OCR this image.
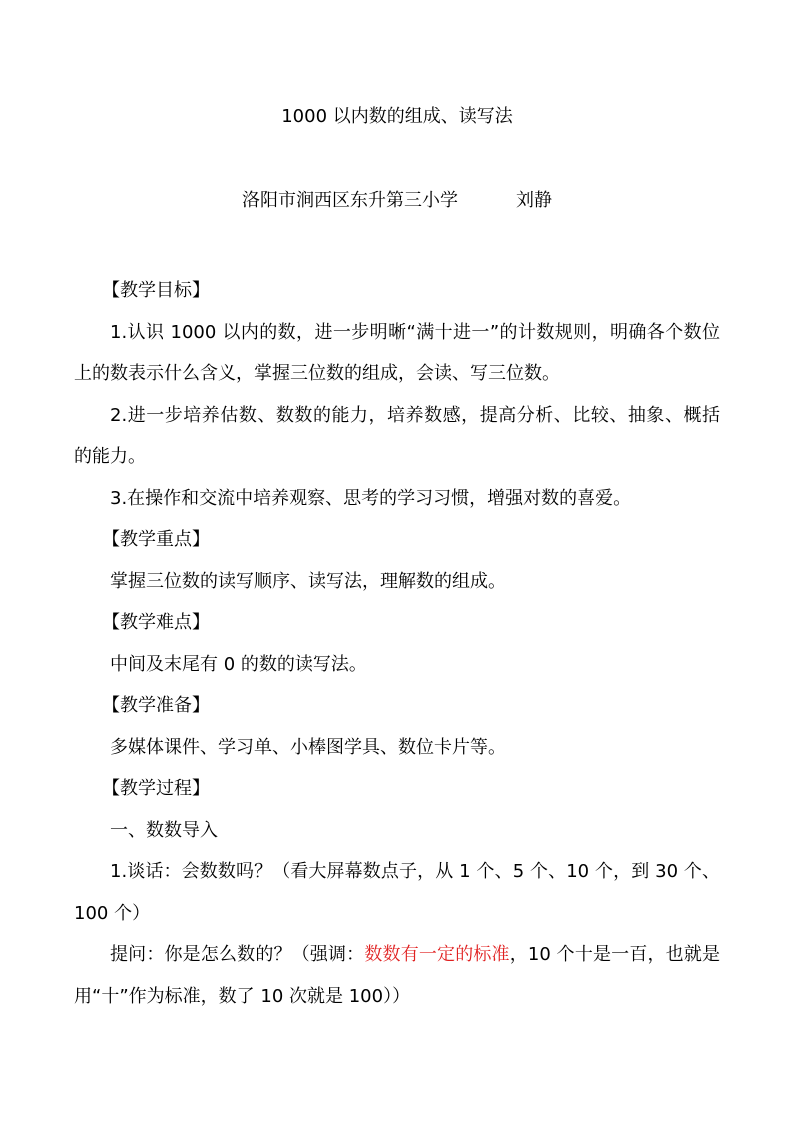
1000 以内数的组成、读写法
洛阳市涧西区东升第三小学	刘静

【教学目标】

1.认识 1000 以内的数，进一步明晰“满十进一”的计数规则，明确各个数位上的数表示什么含义，掌握三位数的组成，会读、写三位数。

2.进一步培养估数、数数的能力，培养数感，提高分析、比较、抽象、概括的能力。

3.在操作和交流中培养观察、思考的学习习惯，增强对数的喜爱。

【教学重点】

掌握三位数的读写顺序、读写法，理解数的组成。

【教学难点】

中间及末尾有 0 的数的读写法。

【教学准备】

多媒体课件、学习单、小棒图学具、数位卡片等。

【教学过程】

一、数数导入

1.谈话：会数数吗？（看大屏幕数点子，从 1 个、5 个、10 个，到 30 个、100 个）

提问：你是怎么数的？（强调：数数有一定的标准，10 个十是一百，也就是用“十”作为标准，数了 10 次就是 100））
